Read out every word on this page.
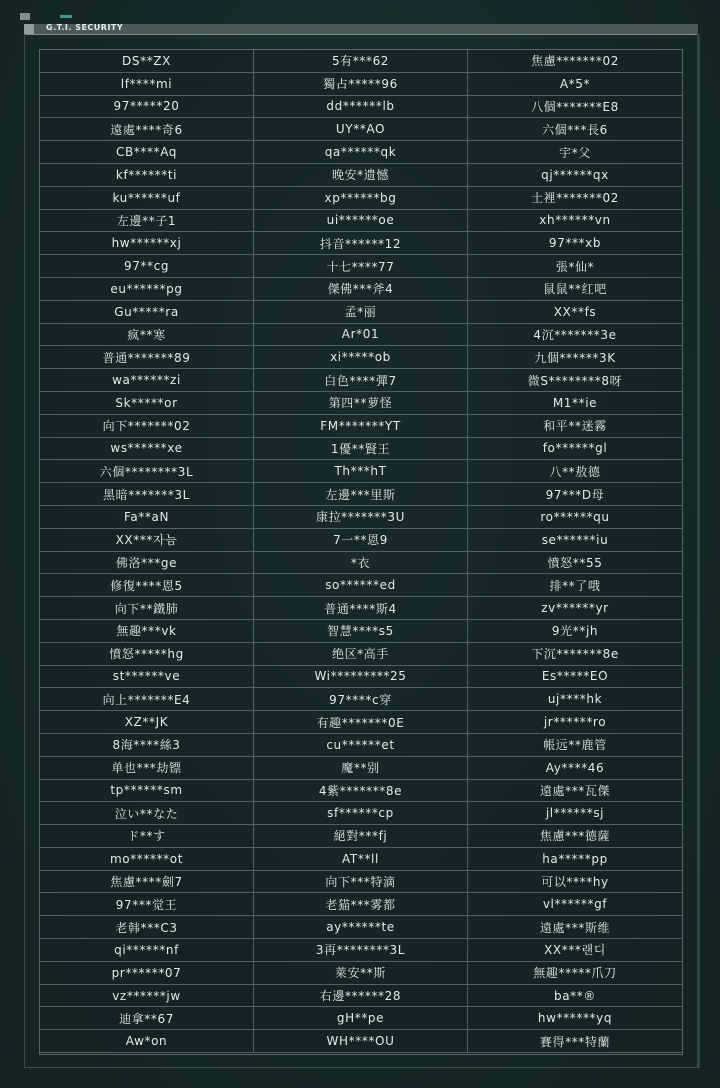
G.T.I. SECURITY
DS**ZX	5有***62	焦慮*******02
lf****mi	獨占*****96	A*5*
97*****20	dd******lb	八個*******E8
遠處****奇6	UY**AO	六個***長6
CB****Aq	qa******qk	宇*父
kf******ti	晚安*遗憾	qj******qx
ku******uf	xp******bg	土裡*******02
左邊**子1	ui******oe	xh******vn
hw******xj	抖音******12	97***xb
97**cg	十七****77	張*仙*
eu******pg	傑佛***斧4	鼠鼠**红吧
Gu*****ra	孟*丽	XX**fs
疯**寒	Ar*01	4沉*******3e
普通*******89	xi*****ob	九個******3K
wa******zi	白色****彈7	微S********8呀
Sk*****or	第四**萝怪	M1**ie
向下*******02	FM*******YT	和平**迷霧
ws******xe	1優**賢王	fo******gl
六個********3L	Th***hT	八**敖德
黑暗*******3L	左邊***里斯	97***D母
Fa**aN	康拉*******3U	ro******qu
XX***자늠	7一**恩9	se******iu
佛洛***ge	*衣	憤怒**55
修復****恩5	so******ed	排**了哦
向下**鐵肺	普通****斯4	zv******yr
無趣***vk	智慧****s5	9光**jh
憤怒*****hg	绝区*高手	下沉*******8e
st******ve	Wi*********25	Es*****EO
向上*******E4	97****c穿	uj****hk
XZ**JK	有趣*******0E	jr******ro
8海****絲3	cu******et	帳远**鹿管
单也***劫镖	魔**别	Ay****46
tp******sm	4紫*******8e	遠處***瓦傑
泣い**なた	sf******cp	jl******sj
ド**す	絕對***fj	焦慮***德薩
mo******ot	AT**ll	ha*****pp
焦慮****劍7	向下***特滴	可以****hy
97***觉王	老猫***雾都	vl******gf
老韩***C3	ay******te	遠處***斯维
qi******nf	3再********3L	XX***랜디
pr******07	萊安**斯	無趣*****爪刀
vz******jw	右邊******28	ba**®
迪拿**67	gH**pe	hw******yq
Aw*on	WH****OU	賽得***特蘭
